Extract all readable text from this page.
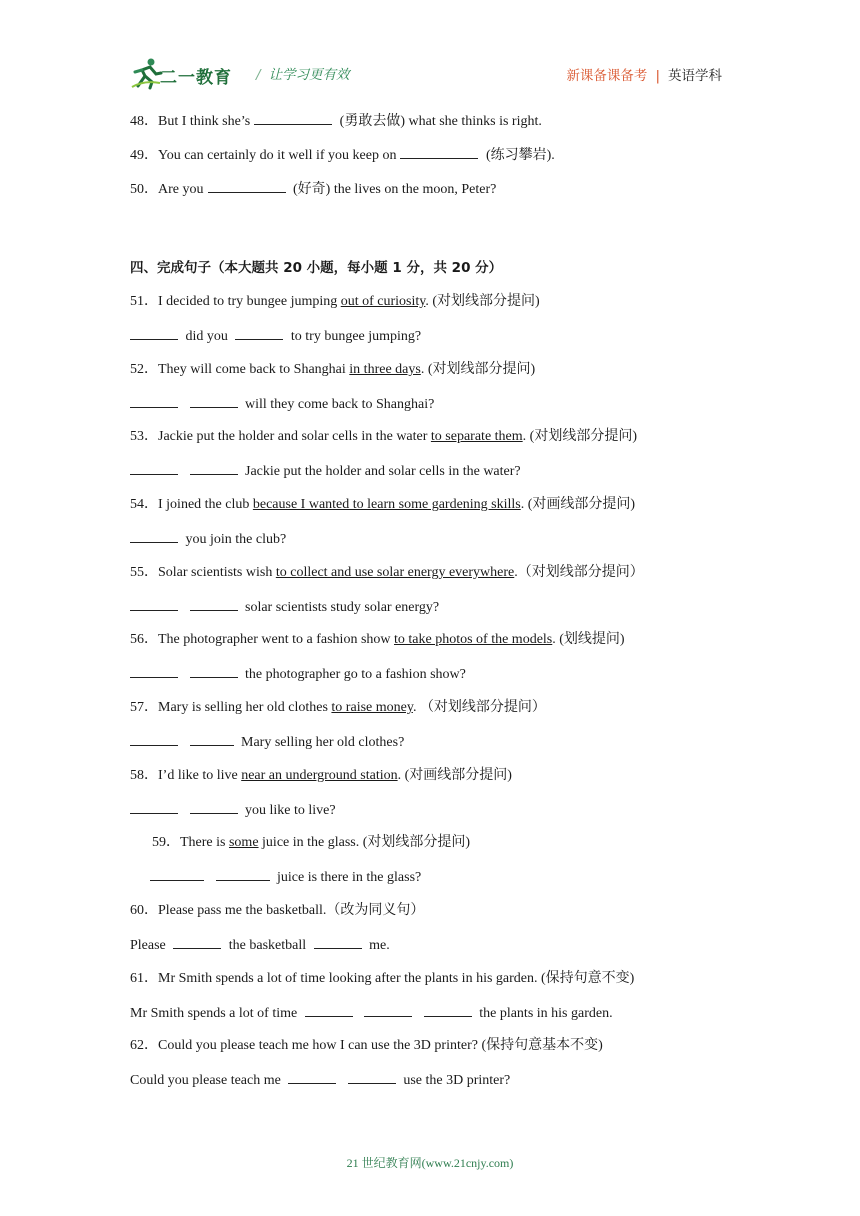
二一教育 / 让学习更有效	新课备课备考 | 英语学科
48．But I think she’s	(勇敢去做) what she thinks is right.
49．You can certainly do it well if you keep on	(练习攀岩).
50．Are you	(好奇) the lives on the moon, Peter?
四、完成句子（本大题共 20 小题，每小题 1 分，共 20 分）
51．I decided to try bungee jumping out of curiosity. (对划线部分提问)
did you	to try bungee jumping?
52．They will come back to Shanghai in three days. (对划线部分提问)
will they come back to Shanghai?
53．Jackie put the holder and solar cells in the water to separate them. (对划线部分提问)
Jackie put the holder and solar cells in the water?
54．I joined the club because I wanted to learn some gardening skills. (对画线部分提问)
you join the club?
55．Solar scientists wish to collect and use solar energy everywhere.（对划线部分提问）
solar scientists study solar energy?
56．The photographer went to a fashion show to take photos of the models. (划线提问)
the photographer go to a fashion show?
57．Mary is selling her old clothes to raise money. （对划线部分提问）
Mary selling her old clothes?
58．I’d like to live near an underground station. (对画线部分提问)
you like to live?
59．There is some juice in the glass. (对划线部分提问)
juice is there in the glass?
60．Please pass me the basketball.（改为同义句）
Please	the basketball	me.
61．Mr Smith spends a lot of time looking after the plants in his garden. (保持句意不变)
Mr Smith spends a lot of time	the plants in his garden.
62．Could you please teach me how I can use the 3D printer? (保持句意基本不变)
Could you please teach me	use the 3D printer?
21 世纪教育网(www.21cnjy.com)
